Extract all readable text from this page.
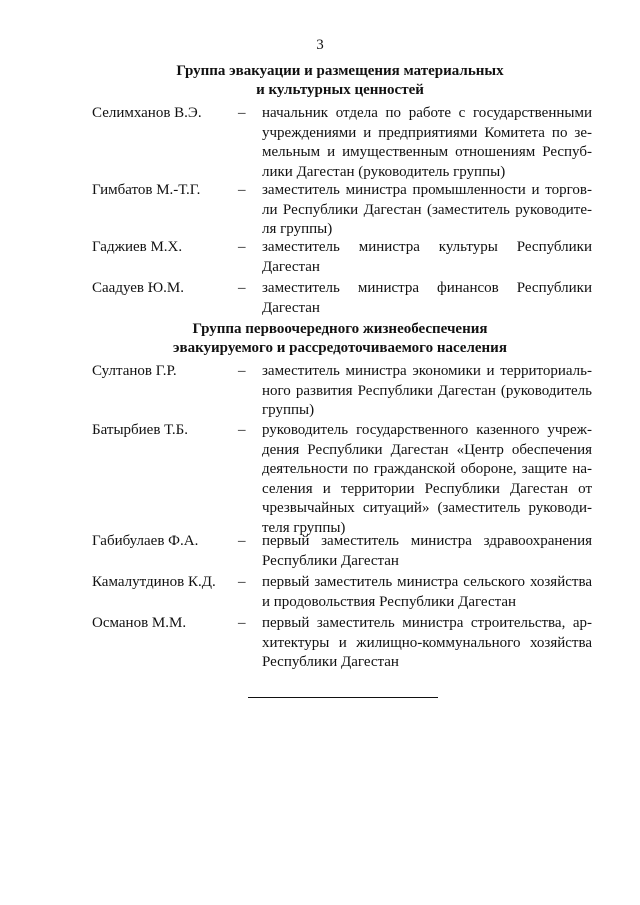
3
Группа эвакуации и размещения материальных
и культурных ценностей
Селимханов В.Э. – начальник отдела по работе с государственными
учреждениями и предприятиями Комитета по зе-
мельным и имущественным отношениям Респуб-
лики Дагестан (руководитель группы)
Гимбатов М.-Т.Г.	– заместитель министра промышленности и торгов-
ли Республики Дагестан (заместитель руководите-
ля группы)
Гаджиев М.Х.	– заместитель министра культуры Республики
Дагестан
Саадуев Ю.М.	– заместитель министра финансов Республики
Дагестан
Группа первоочередного жизнеобеспечения
эвакуируемого и рассредоточиваемого населения
Султанов Г.Р.	– заместитель министра экономики и территориаль-
ного развития Республики Дагестан (руководитель
группы)
Батырбиев Т.Б.	– руководитель государственного казенного учреж-
дения Республики Дагестан «Центр обеспечения
деятельности по гражданской обороне, защите на-
селения и территории Республики Дагестан от
чрезвычайных ситуаций» (заместитель руководи-
теля группы)
Габибулаев Ф.А.	– первый заместитель министра здравоохранения
Республики Дагестан
Камалутдинов К.Д. – первый заместитель министра сельского хозяйства
и продовольствия Республики Дагестан
Османов М.М.	– первый заместитель министра строительства, ар-
хитектуры и жилищно-коммунального хозяйства
Республики Дагестан
